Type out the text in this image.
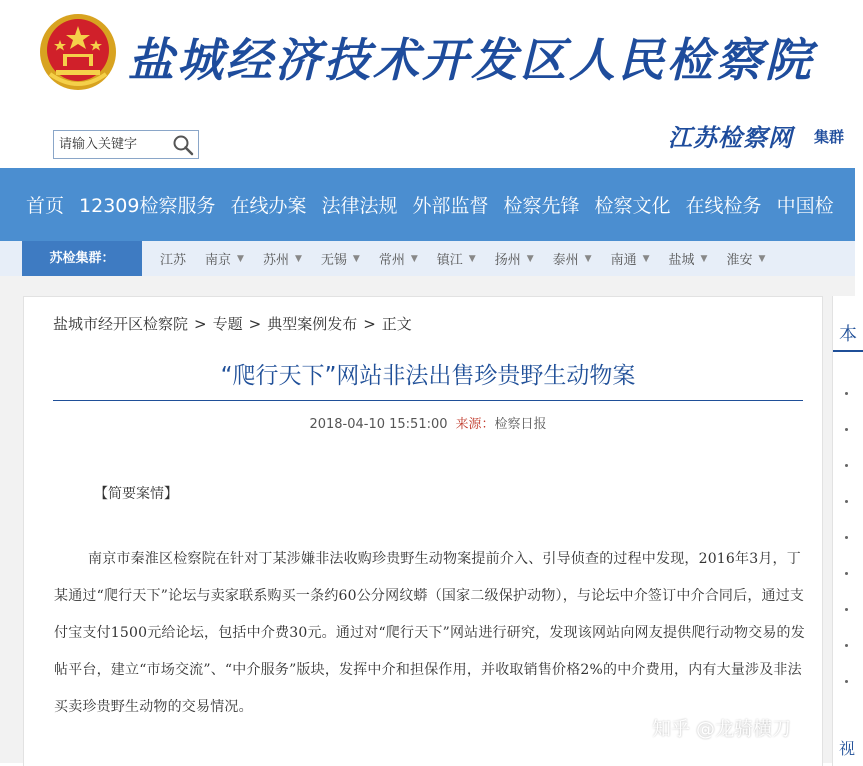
盐城经济技术开发区人民检察院
请输入关键字
江苏检察网 集群
首页 12309检察服务 在线办案 法律法规 外部监督 检察先锋 检察文化 在线检务 中国检
苏检集群：	江苏 南京 ▼ 苏州 ▼ 无锡 ▼ 常州 ▼ 镇江 ▼ 扬州 ▼ 泰州 ▼ 南通 ▼ 盐城 ▼ 淮安 ▼
盐城市经开区检察院 > 专题 > 典型案例发布 > 正文
“爬行天下”网站非法出售珍贵野生动物案
2018-04-10 15:51:00 来源：检察日报
【简要案情】

南京市秦淮区检察院在针对丁某涉嫌非法收购珍贵野生动物案提前介入、引导侦查的过程中发现，2016年3月，丁某通过“爬行天下”论坛与卖家联系购买一条约60公分网纹蟒（国家二级保护动物），与论坛中介签订中介合同后，通过支付宝支付1500元给论坛，包括中介费30元。通过对“爬行天下”网站进行研究，发现该网站向网友提供爬行动物交易的发帖平台，建立“市场交流”、“中介服务”版块，发挥中介和担保作用，并收取销售价格2%的中介费用，内有大量涉及非法买卖珍贵野生动物的交易情况。

本
视
知乎 @龙骑横刀
